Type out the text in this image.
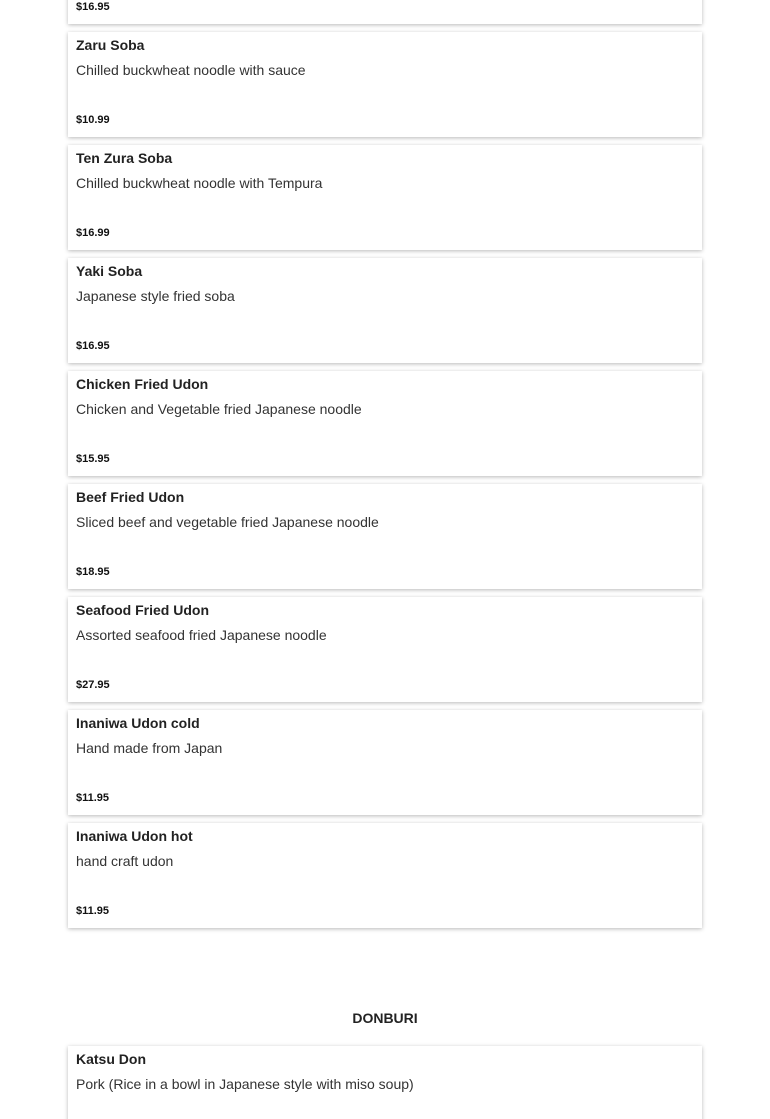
$16.95
Zaru Soba
Chilled buckwheat noodle with sauce
$10.99
Ten Zura Soba
Chilled buckwheat noodle with Tempura
$16.99
Yaki Soba
Japanese style fried soba
$16.95
Chicken Fried Udon
Chicken and Vegetable fried Japanese noodle
$15.95
Beef Fried Udon
Sliced beef and vegetable fried Japanese noodle
$18.95
Seafood Fried Udon
Assorted seafood fried Japanese noodle
$27.95
Inaniwa Udon cold
Hand made from Japan
$11.95
Inaniwa Udon hot
hand craft udon
$11.95
DONBURI
Katsu Don
Pork (Rice in a bowl in Japanese style with miso soup)
